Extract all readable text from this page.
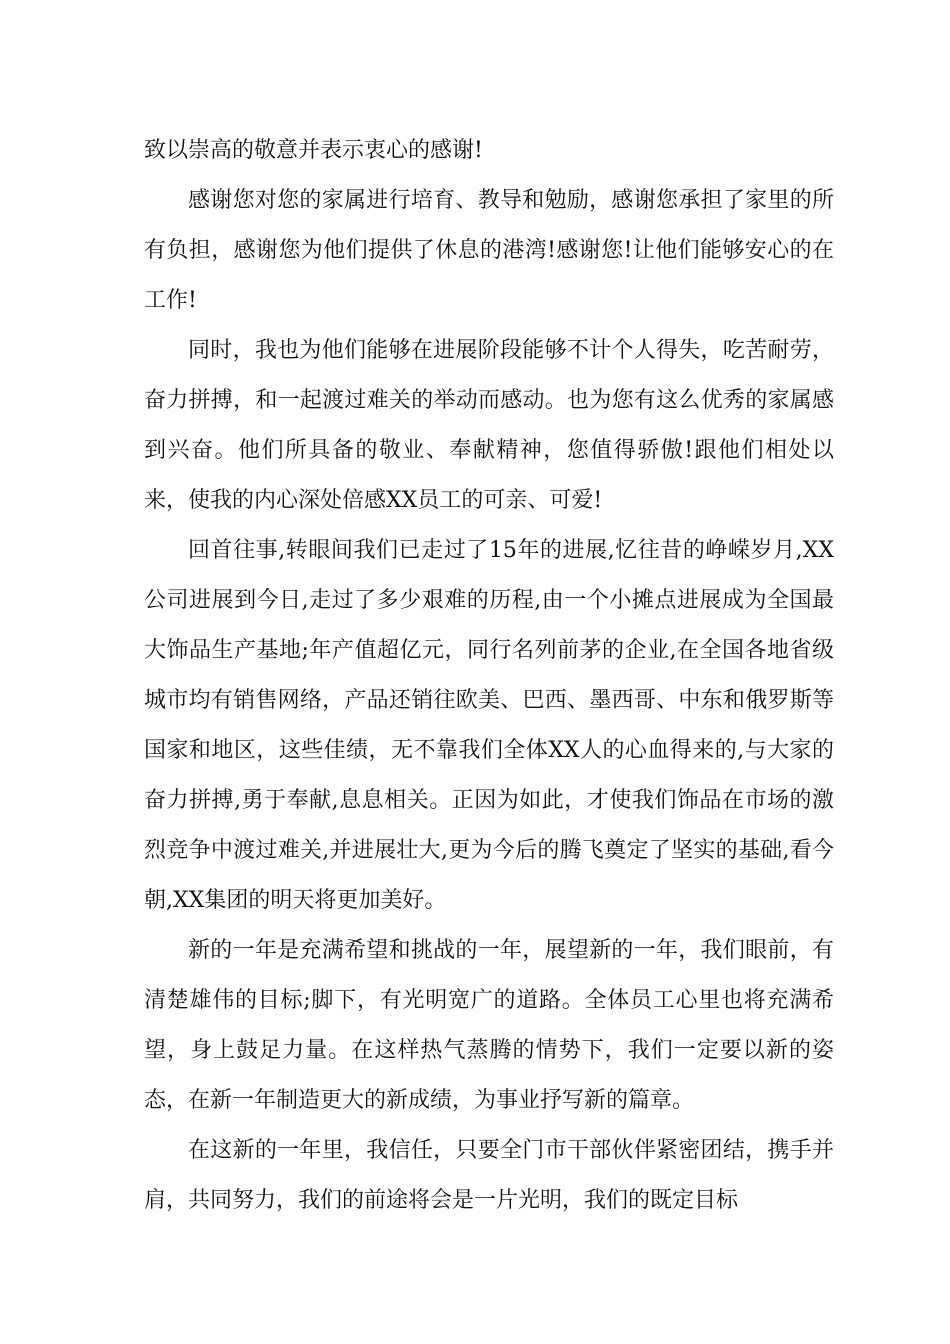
致以崇高的敬意并表示衷心的感谢!

感谢您对您的家属进行培育、教导和勉励，感谢您承担了家里的所有负担，感谢您为他们提供了休息的港湾!感谢您!让他们能够安心的在工作!

同时，我也为他们能够在进展阶段能够不计个人得失，吃苦耐劳，奋力拼搏，和一起渡过难关的举动而感动。也为您有这么优秀的家属感到兴奋。他们所具备的敬业、奉献精神，您值得骄傲!跟他们相处以来，使我的内心深处倍感XX员工的可亲、可爱!

回首往事,转眼间我们已走过了15年的进展,忆往昔的峥嵘岁月,XX公司进展到今日,走过了多少艰难的历程,由一个小摊点进展成为全国最大饰品生产基地;年产值超亿元，同行名列前茅的企业,在全国各地省级城市均有销售网络，产品还销往欧美、巴西、墨西哥、中东和俄罗斯等国家和地区，这些佳绩，无不靠我们全体XX人的心血得来的,与大家的奋力拼搏,勇于奉献,息息相关。正因为如此，才使我们饰品在市场的激烈竞争中渡过难关,并进展壮大,更为今后的腾飞奠定了坚实的基础,看今朝,XX集团的明天将更加美好。

新的一年是充满希望和挑战的一年，展望新的一年，我们眼前，有清楚雄伟的目标;脚下，有光明宽广的道路。全体员工心里也将充满希望，身上鼓足力量。在这样热气蒸腾的情势下，我们一定要以新的姿态，在新一年制造更大的新成绩，为事业抒写新的篇章。

在这新的一年里，我信任，只要全门市干部伙伴紧密团结，携手并肩，共同努力，我们的前途将会是一片光明，我们的既定目标
